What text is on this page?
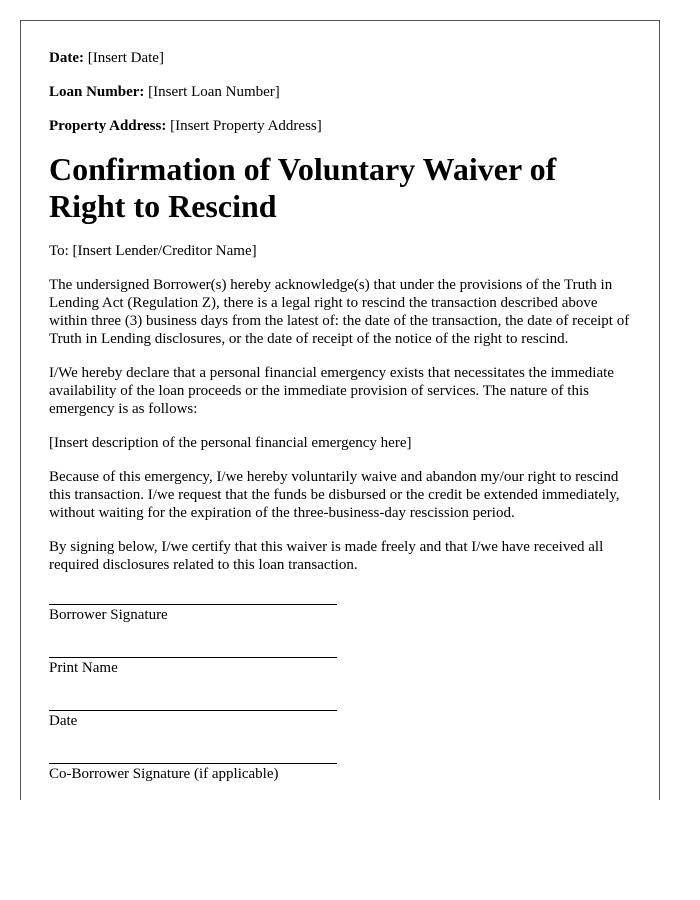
Date: [Insert Date]
Loan Number: [Insert Loan Number]
Property Address: [Insert Property Address]
Confirmation of Voluntary Waiver of Right to Rescind

To: [Insert Lender/Creditor Name]

The undersigned Borrower(s) hereby acknowledge(s) that under the provisions of the Truth in Lending Act (Regulation Z), there is a legal right to rescind the transaction described above within three (3) business days from the latest of: the date of the transaction, the date of receipt of Truth in Lending disclosures, or the date of receipt of the notice of the right to rescind.

I/We hereby declare that a personal financial emergency exists that necessitates the immediate availability of the loan proceeds or the immediate provision of services. The nature of this emergency is as follows:

[Insert description of the personal financial emergency here]

Because of this emergency, I/we hereby voluntarily waive and abandon my/our right to rescind this transaction. I/we request that the funds be disbursed or the credit be extended immediately, without waiting for the expiration of the three-business-day rescission period.

By signing below, I/we certify that this waiver is made freely and that I/we have received all required disclosures related to this loan transaction.

Borrower Signature
Print Name
Date
Co-Borrower Signature (if applicable)
